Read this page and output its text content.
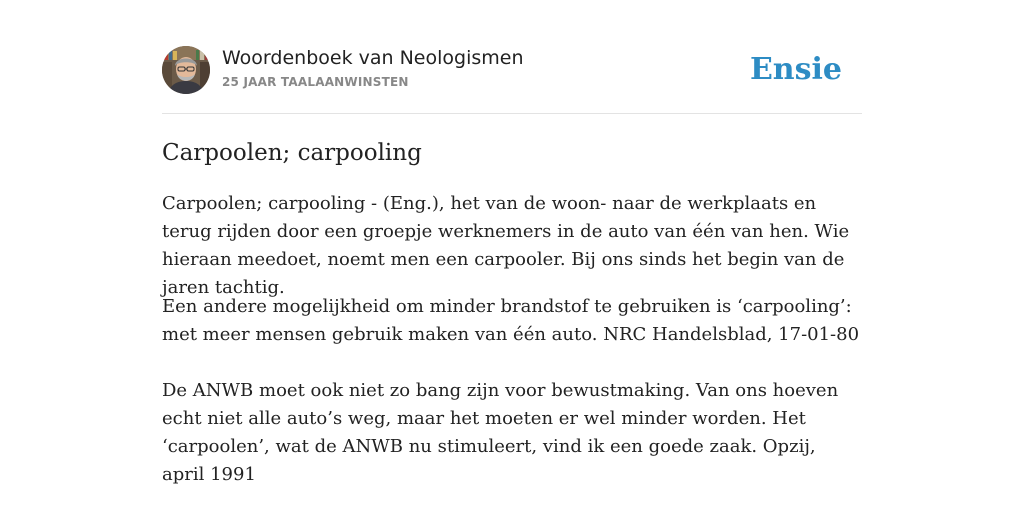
Woordenboek van Neologismen
25 JAAR TAALAANWINSTEN	Ensie
Carpoolen; carpooling

Carpoolen; carpooling - (Eng.), het van de woon- naar de werkplaats en terug rijden door een groepje werknemers in de auto van één van hen. Wie hieraan meedoet, noemt men een carpooler. Bij ons sinds het begin van de jaren tachtig.

Een andere mogelijkheid om minder brandstof te gebruiken is ‘carpooling’: met meer mensen gebruik maken van één auto. NRC Handelsblad, 17-01-80

De ANWB moet ook niet zo bang zijn voor bewustmaking. Van ons hoeven echt niet alle auto’s weg, maar het moeten er wel minder worden. Het ‘carpoolen’, wat de ANWB nu stimuleert, vind ik een goede zaak. Opzij, april 1991
